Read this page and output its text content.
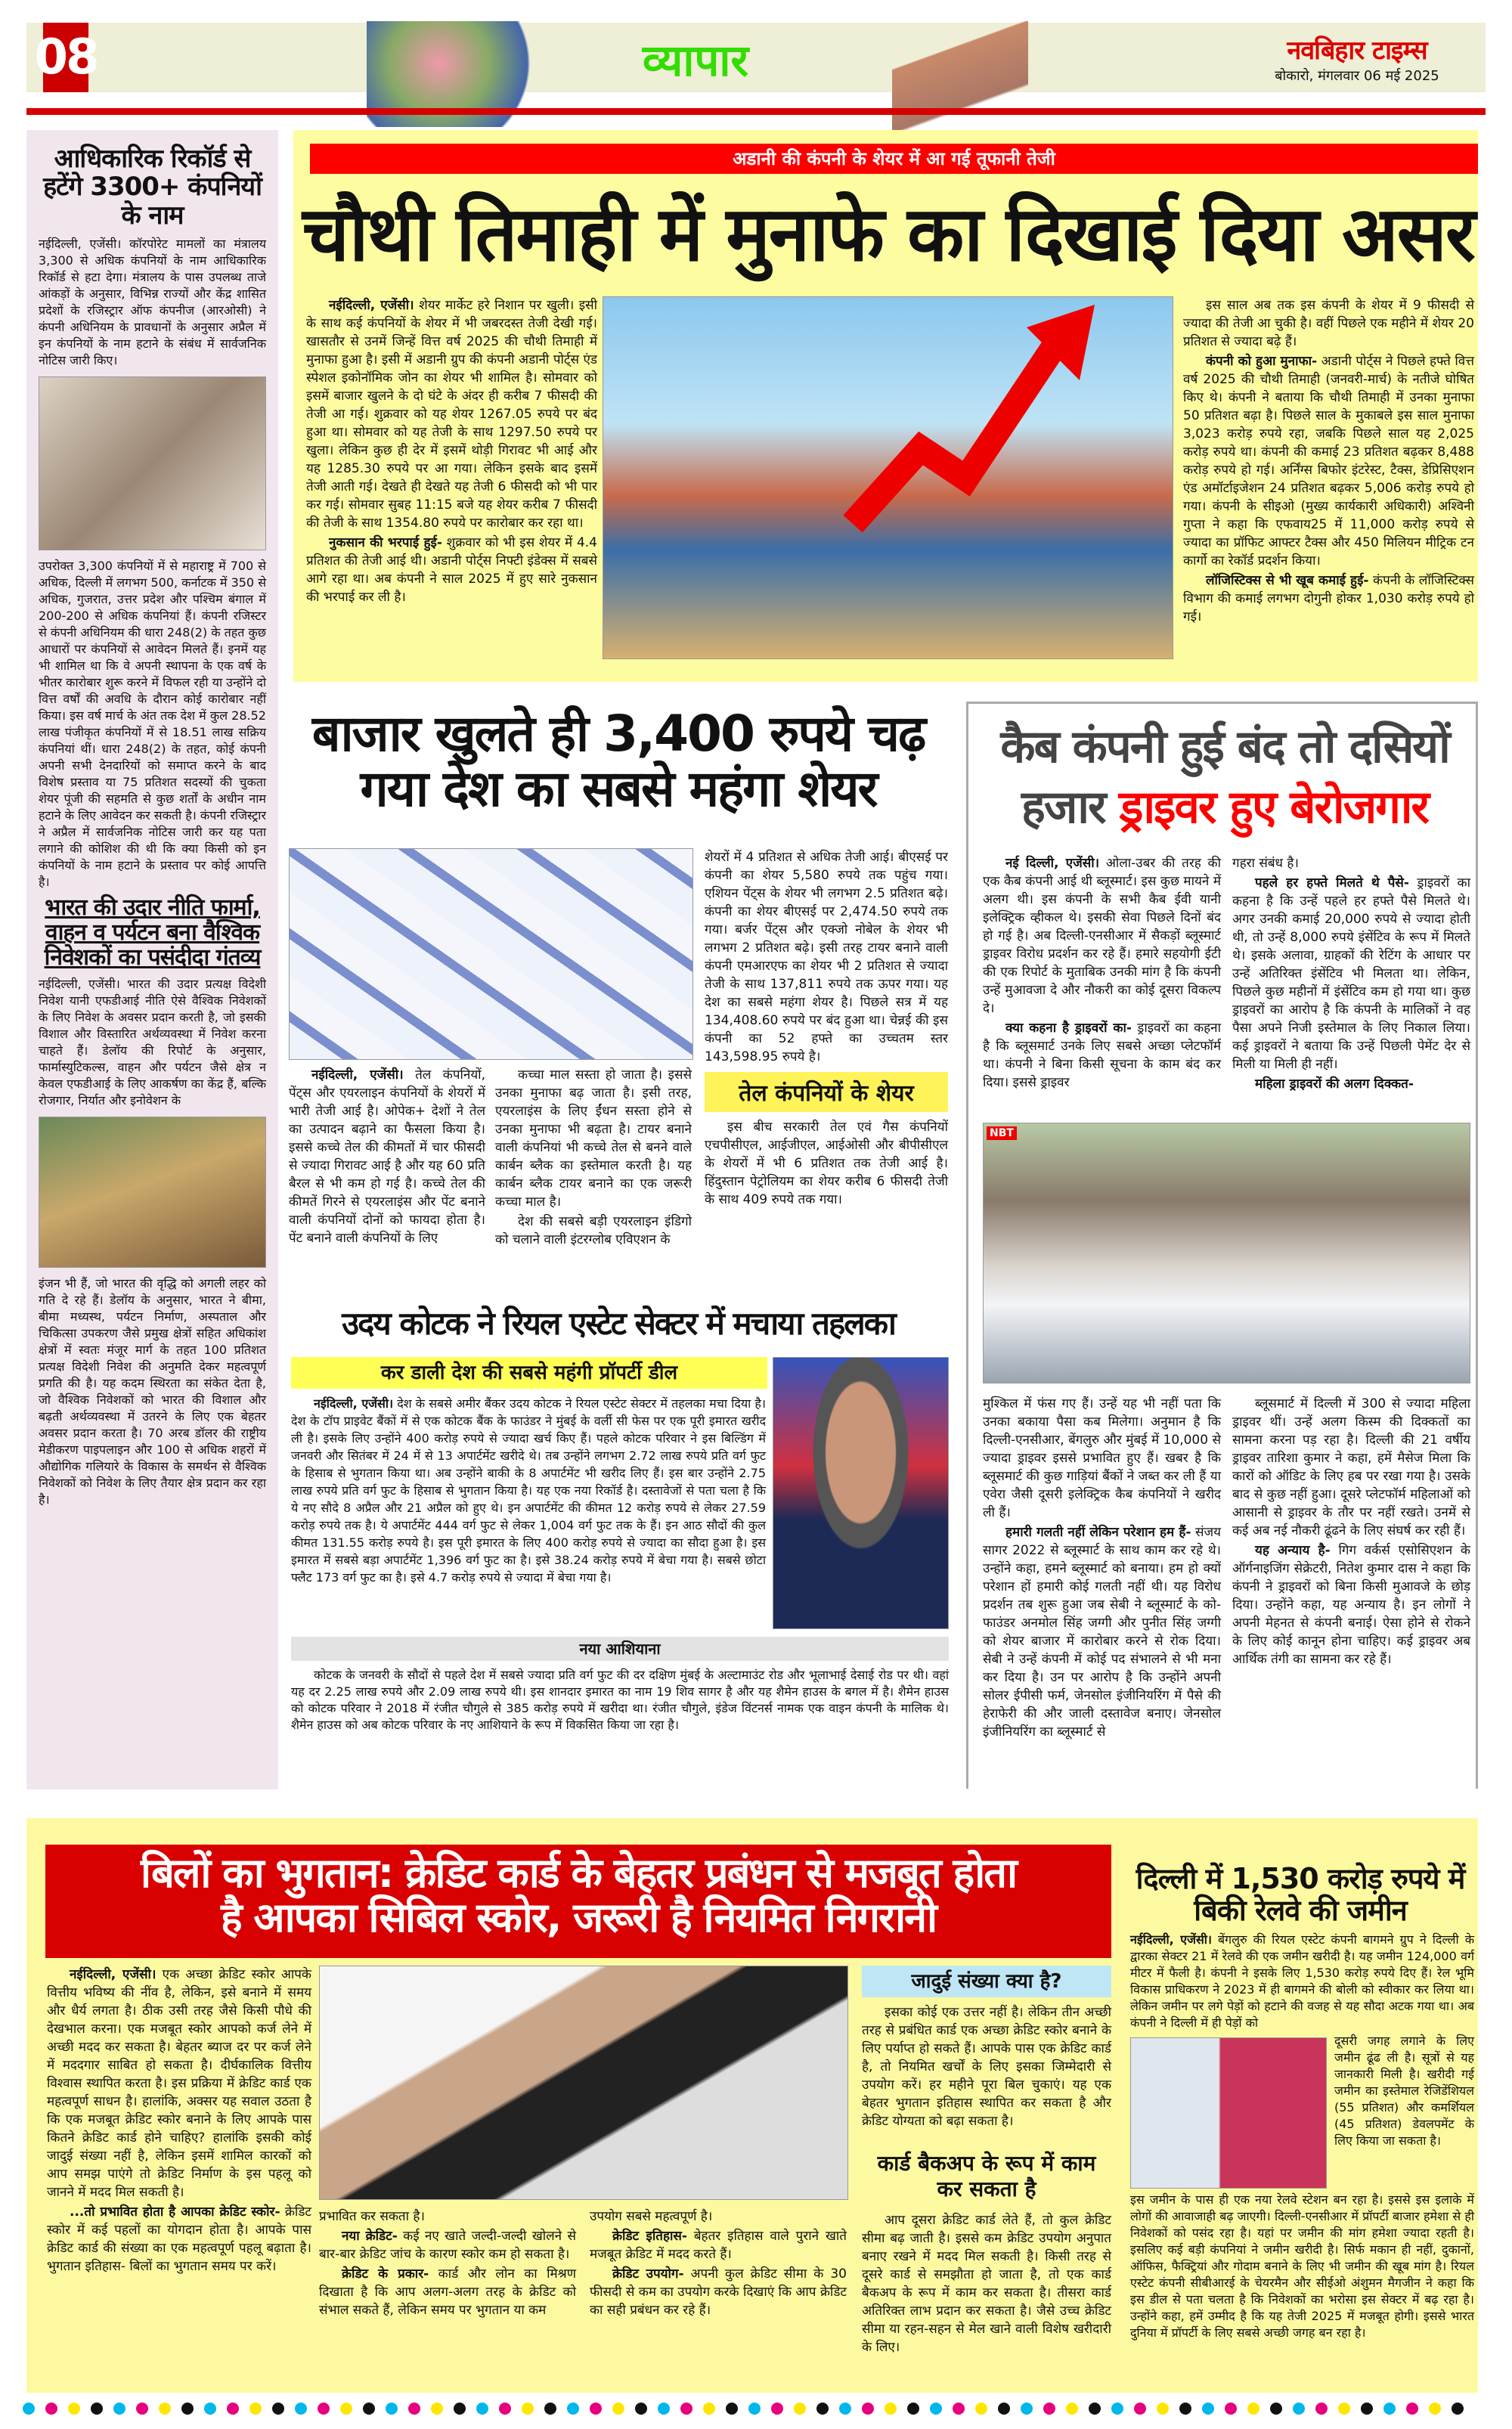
08	व्यापार	नवबिहार टाइम्स
बोकारो, मंगलवार 06 मई 2025
आधिकारिक रिकॉर्ड से हटेंगे 3300+ कंपनियों के नाम

नईदिल्ली, एजेंसी। कॉरपोरेट मामलों का मंत्रालय 3,300 से अधिक कंपनियों के नाम आधिकारिक रिकॉर्ड से हटा देगा। मंत्रालय के पास उपलब्ध ताजे आंकड़ों के अनुसार, विभिन्न राज्यों और केंद्र शासित प्रदेशों के रजिस्ट्रार ऑफ कंपनीज (आरओसी) ने कंपनी अधिनियम के प्रावधानों के अनुसार अप्रैल में इन कंपनियों के नाम हटाने के संबंध में सार्वजनिक नोटिस जारी किए।

उपरोक्त 3,300 कंपनियों में से महाराष्ट्र में 700 से अधिक, दिल्ली में लगभग 500, कर्नाटक में 350 से अधिक, गुजरात, उत्तर प्रदेश और पश्चिम बंगाल में 200-200 से अधिक कंपनियां हैं। कंपनी रजिस्टर से कंपनी अधिनियम की धारा 248(2) के तहत कुछ आधारों पर कंपनियों से आवेदन मिलते हैं। इनमें यह भी शामिल था कि वे अपनी स्थापना के एक वर्ष के भीतर कारोबार शुरू करने में विफल रही या उन्होंने दो वित्त वर्षों की अवधि के दौरान कोई कारोबार नहीं किया। इस वर्ष मार्च के अंत तक देश में कुल 28.52 लाख पंजीकृत कंपनियों में से 18.51 लाख सक्रिय कंपनियां थीं। धारा 248(2) के तहत, कोई कंपनी अपनी सभी देनदारियों को समाप्त करने के बाद विशेष प्रस्ताव या 75 प्रतिशत सदस्यों की चुकता शेयर पूंजी की सहमति से कुछ शर्तों के अधीन नाम हटाने के लिए आवेदन कर सकती है। कंपनी रजिस्ट्रार ने अप्रैल में सार्वजनिक नोटिस जारी कर यह पता लगाने की कोशिश की थी कि क्या किसी को इन कंपनियों के नाम हटाने के प्रस्ताव पर कोई आपत्ति है।

भारत की उदार नीति फार्मा, वाहन व पर्यटन बना वैश्विक निवेशकों का पसंदीदा गंतव्य

नईदिल्ली, एजेंसी। भारत की उदार प्रत्यक्ष विदेशी निवेश यानी एफडीआई नीति ऐसे वैश्विक निवेशकों के लिए निवेश के अवसर प्रदान करती है, जो इसकी विशाल और विस्तारित अर्थव्यवस्था में निवेश करना चाहते हैं। डेलॉय की रिपोर्ट के अनुसार, फार्मास्युटिकल्स, वाहन और पर्यटन जैसे क्षेत्र न केवल एफडीआई के लिए आकर्षण का केंद्र हैं, बल्कि रोजगार, निर्यात और इनोवेशन के

इंजन भी हैं, जो भारत की वृद्धि को अगली लहर को गति दे रहे हैं। डेलॉय के अनुसार, भारत ने बीमा, बीमा मध्यस्थ, पर्यटन निर्माण, अस्पताल और चिकित्सा उपकरण जैसे प्रमुख क्षेत्रों सहित अधिकांश क्षेत्रों में स्वतः मंजूर मार्ग के तहत 100 प्रतिशत प्रत्यक्ष विदेशी निवेश की अनुमति देकर महत्वपूर्ण प्रगति की है। यह कदम स्थिरता का संकेत देता है, जो वैश्विक निवेशकों को भारत की विशाल और बढ़ती अर्थव्यवस्था में उतरने के लिए एक बेहतर अवसर प्रदान करता है। 70 अरब डॉलर की राष्ट्रीय मेडीकरण पाइपलाइन और 100 से अधिक शहरों में औद्योगिक गलियारे के विकास के समर्थन से वैश्विक निवेशकों को निवेश के लिए तैयार क्षेत्र प्रदान कर रहा है।

अडानी की कंपनी के शेयर में आ गई तूफानी तेजी
चौथी तिमाही में मुनाफे का दिखाई दिया असर

नईदिल्ली, एजेंसी। शेयर मार्केट हरे निशान पर खुली। इसी के साथ कई कंपनियों के शेयर में भी जबरदस्त तेजी देखी गई। खासतौर से उनमें जिन्हें वित्त वर्ष 2025 की चौथी तिमाही में मुनाफा हुआ है। इसी में अडानी ग्रुप की कंपनी अडानी पोर्ट्स एंड स्पेशल इकोनॉमिक जोन का शेयर भी शामिल है। सोमवार को इसमें बाजार खुलने के दो घंटे के अंदर ही करीब 7 फीसदी की तेजी आ गई। शुक्रवार को यह शेयर 1267.05 रुपये पर बंद हुआ था। सोमवार को यह तेजी के साथ 1297.50 रुपये पर खुला। लेकिन कुछ ही देर में इसमें थोड़ी गिरावट भी आई और यह 1285.30 रुपये पर आ गया। लेकिन इसके बाद इसमें तेजी आती गई। देखते ही देखते यह तेजी 6 फीसदी को भी पार कर गई। सोमवार सुबह 11:15 बजे यह शेयर करीब 7 फीसदी की तेजी के साथ 1354.80 रुपये पर कारोबार कर रहा था।

नुकसान की भरपाई हुई- शुक्रवार को भी इस शेयर में 4.4 प्रतिशत की तेजी आई थी। अडानी पोर्ट्स निफ्टी इंडेक्स में सबसे आगे रहा था। अब कंपनी ने साल 2025 में हुए सारे नुकसान की भरपाई कर ली है।

इस साल अब तक इस कंपनी के शेयर में 9 फीसदी से ज्यादा की तेजी आ चुकी है। वहीं पिछले एक महीने में शेयर 20 प्रतिशत से ज्यादा बढ़े हैं।

कंपनी को हुआ मुनाफा- अडानी पोर्ट्स ने पिछले हफ्ते वित्त वर्ष 2025 की चौथी तिमाही (जनवरी-मार्च) के नतीजे घोषित किए थे। कंपनी ने बताया कि चौथी तिमाही में उनका मुनाफा 50 प्रतिशत बढ़ा है। पिछले साल के मुकाबले इस साल मुनाफा 3,023 करोड़ रुपये रहा, जबकि पिछले साल यह 2,025 करोड़ रुपये था। कंपनी की कमाई 23 प्रतिशत बढ़कर 8,488 करोड़ रुपये हो गई। अर्निंग्स बिफोर इंटरेस्ट, टैक्स, डेप्रिसिएशन एंड अमॉर्टाइजेशन 24 प्रतिशत बढ़कर 5,006 करोड़ रुपये हो गया। कंपनी के सीइओ (मुख्य कार्यकारी अधिकारी) अश्विनी गुप्ता ने कहा कि एफवाय25 में 11,000 करोड़ रुपये से ज्यादा का प्रॉफिट आफ्टर टैक्स और 450 मिलियन मीट्रिक टन कार्गो का रेकॉर्ड प्रदर्शन किया।

लॉजिस्टिक्स से भी खूब कमाई हुई- कंपनी के लॉजिस्टिक्स विभाग की कमाई लगभग दोगुनी होकर 1,030 करोड़ रुपये हो गई।

बाजार खुलते ही 3,400 रुपये चढ़
गया देश का सबसे महंगा शेयर

नईदिल्ली, एजेंसी। तेल कंपनियों, पेंट्स और एयरलाइन कंपनियों के शेयरों में भारी तेजी आई है। ओपेक+ देशों ने तेल का उत्पादन बढ़ाने का फैसला किया है। इससे कच्चे तेल की कीमतों में चार फीसदी से ज्यादा गिरावट आई है और यह 60 प्रति बैरल से भी कम हो गई है। कच्चे तेल की कीमतें गिरने से एयरलाइंस और पेंट बनाने वाली कंपनियों दोनों को फायदा होता है। पेंट बनाने वाली कंपनियों के लिए

कच्चा माल सस्ता हो जाता है। इससे उनका मुनाफा बढ़ जाता है। इसी तरह, एयरलाइंस के लिए ईंधन सस्ता होने से उनका मुनाफा भी बढ़ता है। टायर बनाने वाली कंपनियां भी कच्चे तेल से बनने वाले कार्बन ब्लैक का इस्तेमाल करती है। यह कार्बन ब्लैक टायर बनाने का एक जरूरी कच्चा माल है।

देश की सबसे बड़ी एयरलाइन इंडिगो को चलाने वाली इंटरग्लोब एविएशन के

शेयरों में 4 प्रतिशत से अधिक तेजी आई। बीएसई पर कंपनी का शेयर 5,580 रुपये तक पहुंच गया। एशियन पेंट्स के शेयर भी लगभग 2.5 प्रतिशत बढ़े। कंपनी का शेयर बीएसई पर 2,474.50 रुपये तक गया। बर्जर पेंट्स और एक्जो नोबेल के शेयर भी लगभग 2 प्रतिशत बढ़े। इसी तरह टायर बनाने वाली कंपनी एमआरएफ का शेयर भी 2 प्रतिशत से ज्यादा तेजी के साथ 137,811 रुपये तक ऊपर गया। यह देश का सबसे महंगा शेयर है। पिछले सत्र में यह 134,408.60 रुपये पर बंद हुआ था। चेन्नई की इस कंपनी का 52 हफ्ते का उच्चतम स्तर 143,598.95 रुपये है।

तेल कंपनियों के शेयर

इस बीच सरकारी तेल एवं गैस कंपनियों एचपीसीएल, आईजीएल, आईओसी और बीपीसीएल के शेयरों में भी 6 प्रतिशत तक तेजी आई है। हिंदुस्तान पेट्रोलियम का शेयर करीब 6 फीसदी तेजी के साथ 409 रुपये तक गया।

कैब कंपनी हुई बंद तो दसियों
हजार ड्राइवर हुए बेरोजगार

नई दिल्ली, एजेंसी। ओला-उबर की तरह की एक कैब कंपनी आई थी ब्लूस्मार्ट। इस कुछ मायने में अलग थी। इस कंपनी के सभी कैब ईवी यानी इलेक्ट्रिक व्हीकल थे। इसकी सेवा पिछले दिनों बंद हो गई है। अब दिल्ली-एनसीआर में सैकड़ों ब्लूस्मार्ट ड्राइवर विरोध प्रदर्शन कर रहे हैं। हमारे सहयोगी ईटी की एक रिपोर्ट के मुताबिक उनकी मांग है कि कंपनी उन्हें मुआवजा दे और नौकरी का कोई दूसरा विकल्प दे।

क्या कहना है ड्राइवरों का- ड्राइवरों का कहना है कि ब्लूसमार्ट उनके लिए सबसे अच्छा प्लेटफॉर्म था। कंपनी ने बिना किसी सूचना के काम बंद कर दिया। इससे ड्राइवर

गहरा संबंध है।

पहले हर हफ्ते मिलते थे पैसे- ड्राइवरों का कहना है कि उन्हें पहले हर हफ्ते पैसे मिलते थे। अगर उनकी कमाई 20,000 रुपये से ज्यादा होती थी, तो उन्हें 8,000 रुपये इंसेंटिव के रूप में मिलते थे। इसके अलावा, ग्राहकों की रेटिंग के आधार पर उन्हें अतिरिक्त इंसेंटिव भी मिलता था। लेकिन, पिछले कुछ महीनों में इंसेंटिव कम हो गया था। कुछ ड्राइवरों का आरोप है कि कंपनी के मालिकों ने वह पैसा अपने निजी इस्तेमाल के लिए निकाल लिया। कई ड्राइवरों ने बताया कि उन्हें पिछली पेमेंट देर से मिली या मिली ही नहीं।

महिला ड्राइवरों की अलग दिक्कत-

NBT

मुश्किल में फंस गए हैं। उन्हें यह भी नहीं पता कि उनका बकाया पैसा कब मिलेगा। अनुमान है कि दिल्ली-एनसीआर, बेंगलुरु और मुंबई में 10,000 से ज्यादा ड्राइवर इससे प्रभावित हुए हैं। खबर है कि ब्लूसमार्ट की कुछ गाड़ियां बैंकों ने जब्त कर ली हैं या एवेरा जैसी दूसरी इलेक्ट्रिक कैब कंपनियों ने खरीद ली हैं।

हमारी गलती नहीं लेकिन परेशान हम हैं- संजय सागर 2022 से ब्लूस्मार्ट के साथ काम कर रहे थे। उन्होंने कहा, हमने ब्लूस्मार्ट को बनाया। हम हो क्यों परेशान हों हमारी कोई गलती नहीं थी। यह विरोध प्रदर्शन तब शुरू हुआ जब सेबी ने ब्लूस्मार्ट के को-फाउंडर अनमोल सिंह जग्गी और पुनीत सिंह जग्गी को शेयर बाजार में कारोबार करने से रोक दिया। सेबी ने उन्हें कंपनी में कोई पद संभालने से भी मना कर दिया है। उन पर आरोप है कि उन्होंने अपनी सोलर ईपीसी फर्म, जेनसोल इंजीनियरिंग में पैसे की हेराफेरी की और जाली दस्तावेज बनाए। जेनसोल इंजीनियरिंग का ब्लूस्मार्ट से

ब्लूसमार्ट में दिल्ली में 300 से ज्यादा महिला ड्राइवर थीं। उन्हें अलग किस्म की दिक्कतों का सामना करना पड़ रहा है। दिल्ली की 21 वर्षीय ड्राइवर तारिशा कुमार ने कहा, हमें मैसेज मिला कि कारों को ऑडिट के लिए हब पर रखा गया है। उसके बाद से कुछ नहीं हुआ। दूसरे प्लेटफॉर्म महिलाओं को आसानी से ड्राइवर के तौर पर नहीं रखते। उनमें से कई अब नई नौकरी ढूंढने के लिए संघर्ष कर रही हैं।

यह अन्याय है- गिग वर्कर्स एसोसिएशन के ऑर्गनाइजिंग सेक्रेटरी, नितेश कुमार दास ने कहा कि कंपनी ने ड्राइवरों को बिना किसी मुआवजे के छोड़ दिया। उन्होंने कहा, यह अन्याय है। इन लोगों ने अपनी मेहनत से कंपनी बनाई। ऐसा होने से रोकने के लिए कोई कानून होना चाहिए। कई ड्राइवर अब आर्थिक तंगी का सामना कर रहे हैं।

उदय कोटक ने रियल एस्टेट सेक्टर में मचाया तहलका
कर डाली देश की सबसे महंगी प्रॉपर्टी डील

नईदिल्ली, एजेंसी। देश के सबसे अमीर बैंकर उदय कोटक ने रियल एस्टेट सेक्टर में तहलका मचा दिया है। देश के टॉप प्राइवेट बैंकों में से एक कोटक बैंक के फाउंडर ने मुंबई के वर्ली सी फेस पर एक पूरी इमारत खरीद ली है। इसके लिए उन्होंने 400 करोड़ रुपये से ज्यादा खर्च किए हैं। पहले कोटक परिवार ने इस बिल्डिंग में जनवरी और सितंबर में 24 में से 13 अपार्टमेंट खरीदे थे। तब उन्होंने लगभग 2.72 लाख रुपये प्रति वर्ग फुट के हिसाब से भुगतान किया था। अब उन्होंने बाकी के 8 अपार्टमेंट भी खरीद लिए हैं। इस बार उन्होंने 2.75 लाख रुपये प्रति वर्ग फुट के हिसाब से भुगतान किया है। यह एक नया रिकॉर्ड है। दस्तावेजों से पता चला है कि ये नए सौदे 8 अप्रैल और 21 अप्रैल को हुए थे। इन अपार्टमेंट की कीमत 12 करोड़ रुपये से लेकर 27.59 करोड़ रुपये तक है। ये अपार्टमेंट 444 वर्ग फुट से लेकर 1,004 वर्ग फुट तक के हैं। इन आठ सौदों की कुल कीमत 131.55 करोड़ रुपये है। इस पूरी इमारत के लिए 400 करोड़ रुपये से ज्यादा का सौदा हुआ है। इस इमारत में सबसे बड़ा अपार्टमेंट 1,396 वर्ग फुट का है। इसे 38.24 करोड़ रुपये में बेचा गया है। सबसे छोटा फ्लैट 173 वर्ग फुट का है। इसे 4.7 करोड़ रुपये से ज्यादा में बेचा गया है।

नया आशियाना

कोटक के जनवरी के सौदों से पहले देश में सबसे ज्यादा प्रति वर्ग फुट की दर दक्षिण मुंबई के अल्टामाउंट रोड और भूलाभाई देसाई रोड पर थी। वहां यह दर 2.25 लाख रुपये और 2.09 लाख रुपये थी। इस शानदार इमारत का नाम 19 शिव सागर है और यह शैमेन हाउस के बगल में है। शैमेन हाउस को कोटक परिवार ने 2018 में रंजीत चौगुले से 385 करोड़ रुपये में खरीदा था। रंजीत चौगुले, इंडेज विंटनर्स नामक एक वाइन कंपनी के मालिक थे। शैमेन हाउस को अब कोटक परिवार के नए आशियाने के रूप में विकसित किया जा रहा है।

बिलों का भुगतान: क्रेडिट कार्ड के बेहतर प्रबंधन से मजबूत होता
है आपका सिबिल स्कोर, जरूरी है नियमित निगरानी

नईदिल्ली, एजेंसी। एक अच्छा क्रेडिट स्कोर आपके वित्तीय भविष्य की नींव है, लेकिन, इसे बनाने में समय और धैर्य लगता है। ठीक उसी तरह जैसे किसी पौधे की देखभाल करना। एक मजबूत स्कोर आपको कर्ज लेने में अच्छी मदद कर सकता है। बेहतर ब्याज दर पर कर्ज लेने में मददगार साबित हो सकता है। दीर्घकालिक वित्तीय विश्वास स्थापित करता है। इस प्रक्रिया में क्रेडिट कार्ड एक महत्वपूर्ण साधन है। हालांकि, अक्सर यह सवाल उठता है कि एक मजबूत क्रेडिट स्कोर बनाने के लिए आपके पास कितने क्रेडिट कार्ड होने चाहिए? हालांकि इसकी कोई जादुई संख्या नहीं है, लेकिन इसमें शामिल कारकों को आप समझ पाएंगे तो क्रेडिट निर्माण के इस पहलू को जानने में मदद मिल सकती है।

...तो प्रभावित होता है आपका क्रेडिट स्कोर- क्रेडिट स्कोर में कई पहलों का योगदान होता है। आपके पास क्रेडिट कार्ड की संख्या का एक महत्वपूर्ण पहलू बढ़ाता है। भुगतान इतिहास- बिलों का भुगतान समय पर करें।

प्रभावित कर सकता है।

नया क्रेडिट- कई नए खाते जल्दी-जल्दी खोलने से बार-बार क्रेडिट जांच के कारण स्कोर कम हो सकता है।

क्रेडिट के प्रकार- कार्ड और लोन का मिश्रण दिखाता है कि आप अलग-अलग तरह के क्रेडिट को संभाल सकते हैं, लेकिन समय पर भुगतान या कम

उपयोग सबसे महत्वपूर्ण है।

क्रेडिट इतिहास- बेहतर इतिहास वाले पुराने खाते मजबूत क्रेडिट में मदद करते हैं।

क्रेडिट उपयोग- अपनी कुल क्रेडिट सीमा के 30 फीसदी से कम का उपयोग करके दिखाएं कि आप क्रेडिट का सही प्रबंधन कर रहे हैं।

जादुई संख्या क्या है?

इसका कोई एक उत्तर नहीं है। लेकिन तीन अच्छी तरह से प्रबंधित कार्ड एक अच्छा क्रेडिट स्कोर बनाने के लिए पर्याप्त हो सकते हैं। आपके पास एक क्रेडिट कार्ड है, तो नियमित खर्चों के लिए इसका जिम्मेदारी से उपयोग करें। हर महीने पूरा बिल चुकाएं। यह एक बेहतर भुगतान इतिहास स्थापित कर सकता है और क्रेडिट योग्यता को बढ़ा सकता है।

कार्ड बैकअप के रूप में काम कर सकता है

आप दूसरा क्रेडिट कार्ड लेते हैं, तो कुल क्रेडिट सीमा बढ़ जाती है। इससे कम क्रेडिट उपयोग अनुपात बनाए रखने में मदद मिल सकती है। किसी तरह से दूसरे कार्ड से समझौता हो जाता है, तो एक कार्ड बैकअप के रूप में काम कर सकता है। तीसरा कार्ड अतिरिक्त लाभ प्रदान कर सकता है। जैसे उच्च क्रेडिट सीमा या रहन-सहन से मेल खाने वाली विशेष खरीदारी के लिए।

दिल्ली में 1,530 करोड़ रुपये में बिकी रेलवे की जमीन

नईदिल्ली, एजेंसी। बेंगलुरु की रियल एस्टेट कंपनी बागमने ग्रुप ने दिल्ली के द्वारका सेक्टर 21 में रेलवे की एक जमीन खरीदी है। यह जमीन 124,000 वर्ग मीटर में फैली है। कंपनी ने इसके लिए 1,530 करोड़ रुपये दिए हैं। रेल भूमि विकास प्राधिकरण ने 2023 में ही बागमने की बोली को स्वीकार कर लिया था। लेकिन जमीन पर लगे पेड़ों को हटाने की वजह से यह सौदा अटक गया था। अब कंपनी ने दिल्ली में ही पेड़ों को

दूसरी जगह लगाने के लिए जमीन ढूंढ ली है। सूत्रों से यह जानकारी मिली है। खरीदी गई जमीन का इस्तेमाल रेजिडेंशियल (55 प्रतिशत) और कमर्शियल (45 प्रतिशत) डेवलपमेंट के लिए किया जा सकता है।

इस जमीन के पास ही एक नया रेलवे स्टेशन बन रहा है। इससे इस इलाके में लोगों की आवाजाही बढ़ जाएगी। दिल्ली-एनसीआर में प्रॉपर्टी बाजार हमेशा से ही निवेशकों को पसंद रहा है। यहां पर जमीन की मांग हमेशा ज्यादा रहती है। इसलिए कई बड़ी कंपनियां ने जमीन खरीदी है। सिर्फ मकान ही नहीं, दुकानों, ऑफिस, फैक्ट्रियां और गोदाम बनाने के लिए भी जमीन की खूब मांग है। रियल एस्टेट कंपनी सीबीआरई के चेयरमैन और सीईओ अंशुमन मैगजीन ने कहा कि इस डील से पता चलता है कि निवेशकों का भरोसा इस सेक्टर में बढ़ रहा है। उन्होंने कहा, हमें उम्मीद है कि यह तेजी 2025 में मजबूत होगी। इससे भारत दुनिया में प्रॉपर्टी के लिए सबसे अच्छी जगह बन रहा है।
